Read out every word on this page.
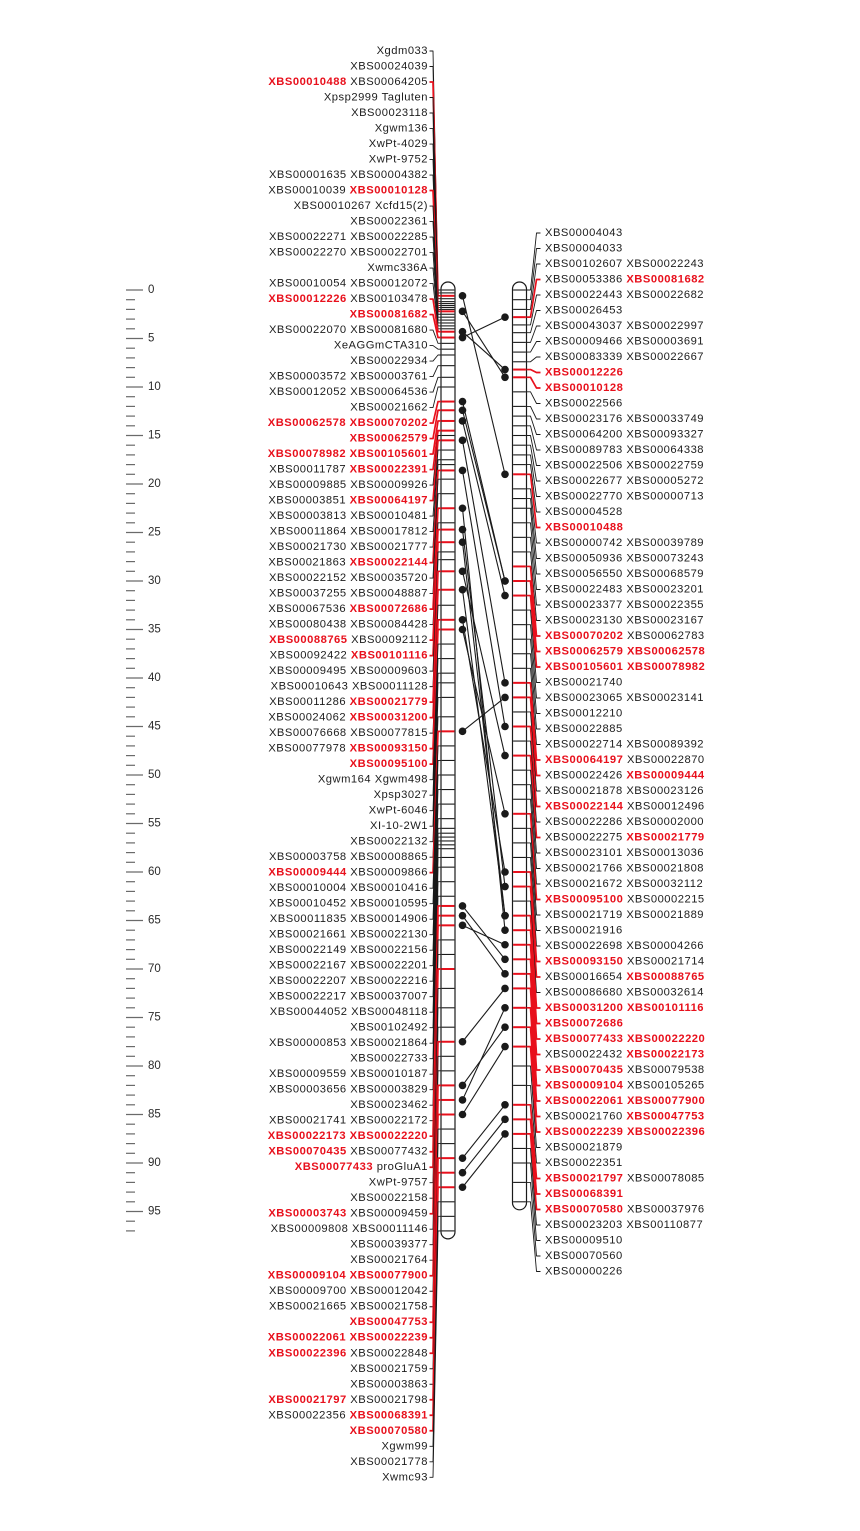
0
5
10
15
20
25
30
35
40
45
50
55
60
65
70
75
80
85
90
95
Xgdm033
XBS00024039
XBS00010488 XBS00064205
Xpsp2999 Tagluten
XBS00023118
Xgwm136
XwPt-4029
XwPt-9752
XBS00001635 XBS00004382
XBS00010039 XBS00010128
XBS00010267 Xcfd15(2)
XBS00022361
XBS00022271 XBS00022285
XBS00022270 XBS00022701
Xwmc336A
XBS00010054 XBS00012072
XBS00012226 XBS00103478
XBS00081682
XBS00022070 XBS00081680
XeAGGmCTA310
XBS00022934
XBS00003572 XBS00003761
XBS00012052 XBS00064536
XBS00021662
XBS00062578 XBS00070202
XBS00062579
XBS00078982 XBS00105601
XBS00011787 XBS00022391
XBS00009885 XBS00009926
XBS00003851 XBS00064197
XBS00003813 XBS00010481
XBS00011864 XBS00017812
XBS00021730 XBS00021777
XBS00021863 XBS00022144
XBS00022152 XBS00035720
XBS00037255 XBS00048887
XBS00067536 XBS00072686
XBS00080438 XBS00084428
XBS00088765 XBS00092112
XBS00092422 XBS00101116
XBS00009495 XBS00009603
XBS00010643 XBS00011128
XBS00011286 XBS00021779
XBS00024062 XBS00031200
XBS00076668 XBS00077815
XBS00077978 XBS00093150
XBS00095100
Xgwm164 Xgwm498
Xpsp3027
XwPt-6046
XI-10-2W1
XBS00022132
XBS00003758 XBS00008865
XBS00009444 XBS00009866
XBS00010004 XBS00010416
XBS00010452 XBS00010595
XBS00011835 XBS00014906
XBS00021661 XBS00022130
XBS00022149 XBS00022156
XBS00022167 XBS00022201
XBS00022207 XBS00022216
XBS00022217 XBS00037007
XBS00044052 XBS00048118
XBS00102492
XBS00000853 XBS00021864
XBS00022733
XBS00009559 XBS00010187
XBS00003656 XBS00003829
XBS00023462
XBS00021741 XBS00022172
XBS00022173 XBS00022220
XBS00070435 XBS00077432
XBS00077433 proGluA1
XwPt-9757
XBS00022158
XBS00003743 XBS00009459
XBS00009808 XBS00011146
XBS00039377
XBS00021764
XBS00009104 XBS00077900
XBS00009700 XBS00012042
XBS00021665 XBS00021758
XBS00047753
XBS00022061 XBS00022239
XBS00022396 XBS00022848
XBS00021759
XBS00003863
XBS00021797 XBS00021798
XBS00022356 XBS00068391
XBS00070580
Xgwm99
XBS00021778
Xwmc93
XBS00004043
XBS00004033
XBS00102607 XBS00022243
XBS00053386 XBS00081682
XBS00022443 XBS00022682
XBS00026453
XBS00043037 XBS00022997
XBS00009466 XBS00003691
XBS00083339 XBS00022667
XBS00012226
XBS00010128
XBS00022566
XBS00023176 XBS00033749
XBS00064200 XBS00093327
XBS00089783 XBS00064338
XBS00022506 XBS00022759
XBS00022677 XBS00005272
XBS00022770 XBS00000713
XBS00004528
XBS00010488
XBS00000742 XBS00039789
XBS00050936 XBS00073243
XBS00056550 XBS00068579
XBS00022483 XBS00023201
XBS00023377 XBS00022355
XBS00023130 XBS00023167
XBS00070202 XBS00062783
XBS00062579 XBS00062578
XBS00105601 XBS00078982
XBS00021740
XBS00023065 XBS00023141
XBS00012210
XBS00022885
XBS00022714 XBS00089392
XBS00064197 XBS00022870
XBS00022426 XBS00009444
XBS00021878 XBS00023126
XBS00022144 XBS00012496
XBS00022286 XBS00002000
XBS00022275 XBS00021779
XBS00023101 XBS00013036
XBS00021766 XBS00021808
XBS00021672 XBS00032112
XBS00095100 XBS00002215
XBS00021719 XBS00021889
XBS00021916
XBS00022698 XBS00004266
XBS00093150 XBS00021714
XBS00016654 XBS00088765
XBS00086680 XBS00032614
XBS00031200 XBS00101116
XBS00072686
XBS00077433 XBS00022220
XBS00022432 XBS00022173
XBS00070435 XBS00079538
XBS00009104 XBS00105265
XBS00022061 XBS00077900
XBS00021760 XBS00047753
XBS00022239 XBS00022396
XBS00021879
XBS00022351
XBS00021797 XBS00078085
XBS00068391
XBS00070580 XBS00037976
XBS00023203 XBS00110877
XBS00009510
XBS00070560
XBS00000226
